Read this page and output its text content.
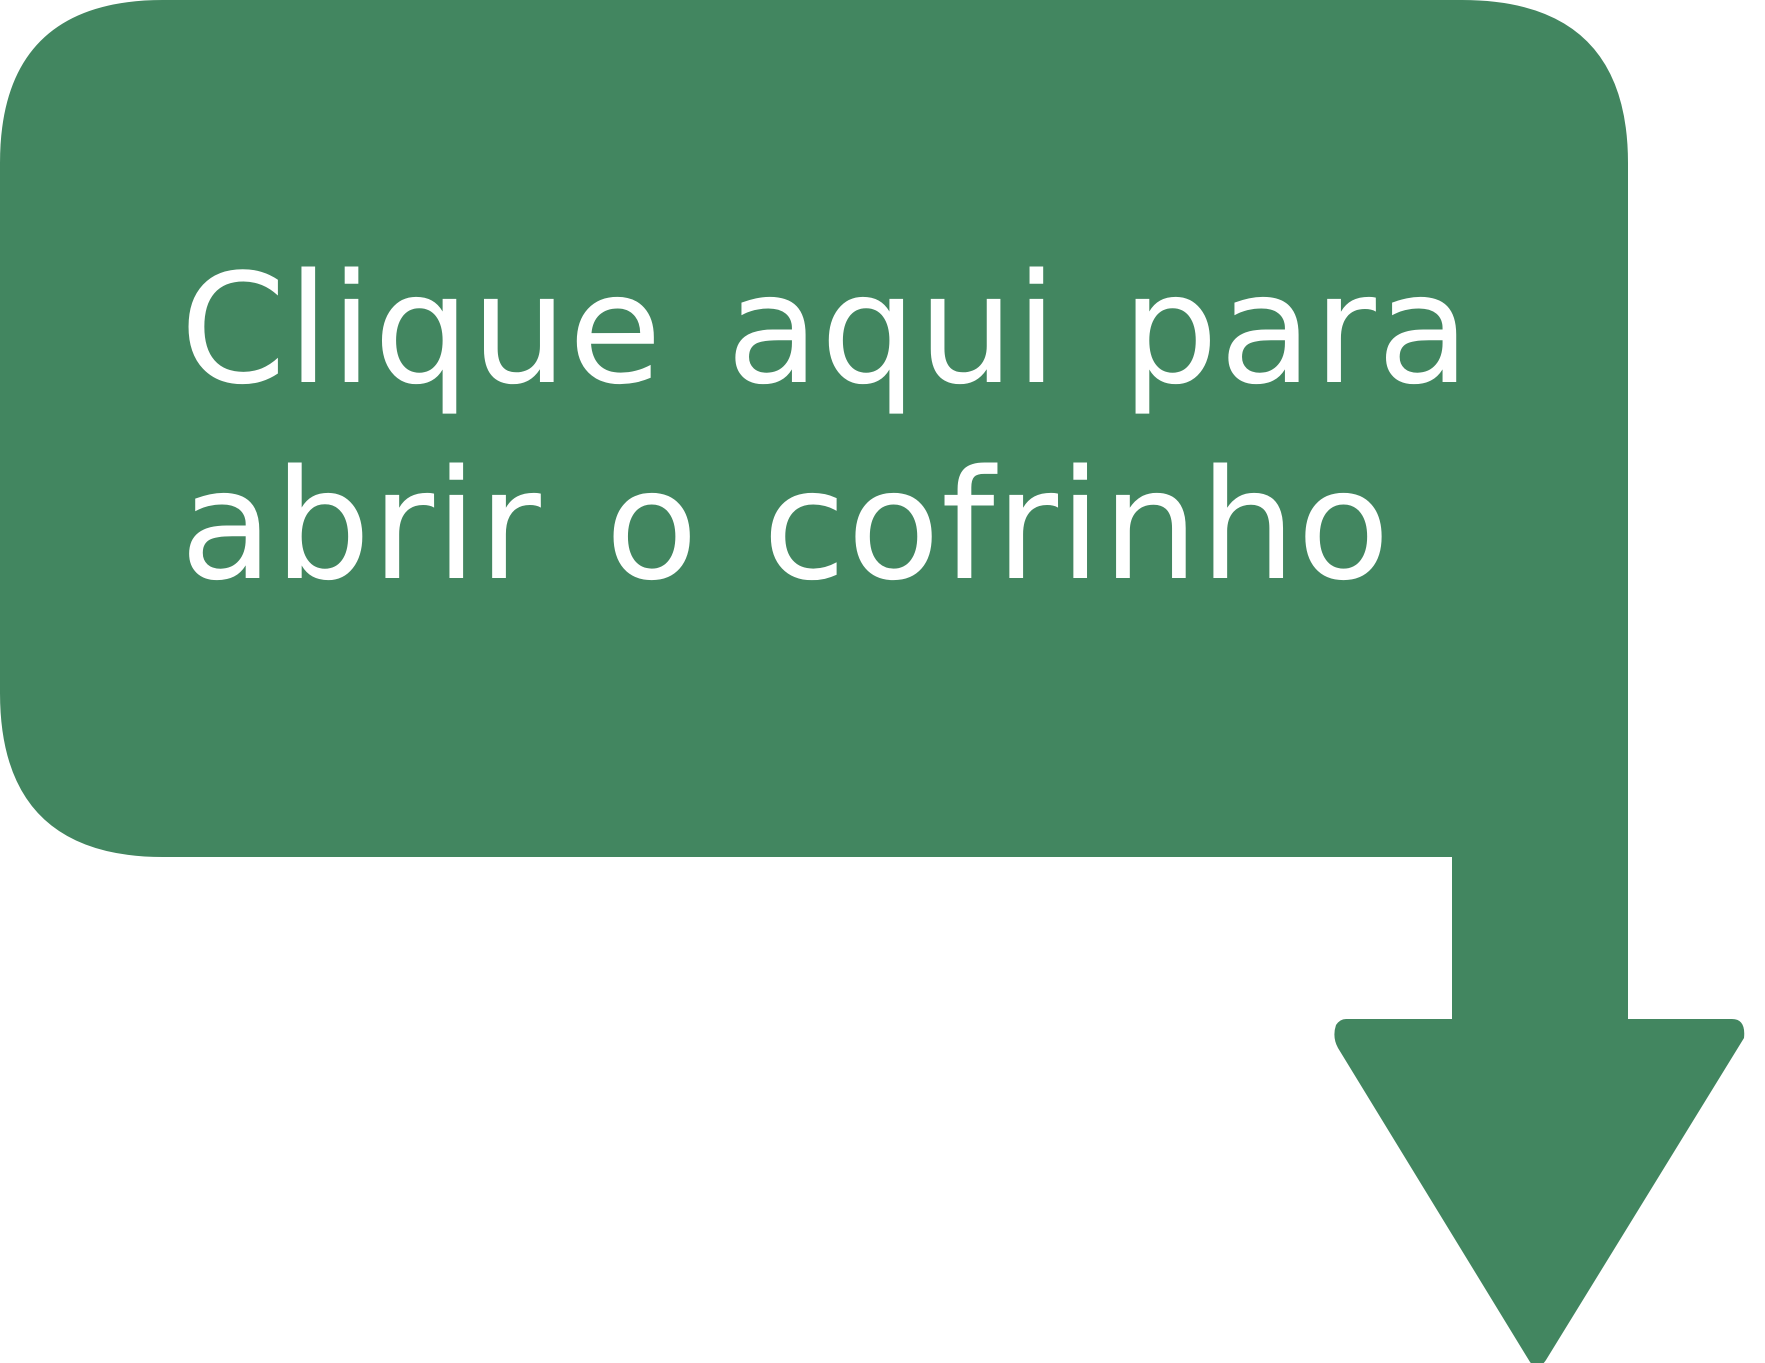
Clique aqui para
abrir o cofrinho
